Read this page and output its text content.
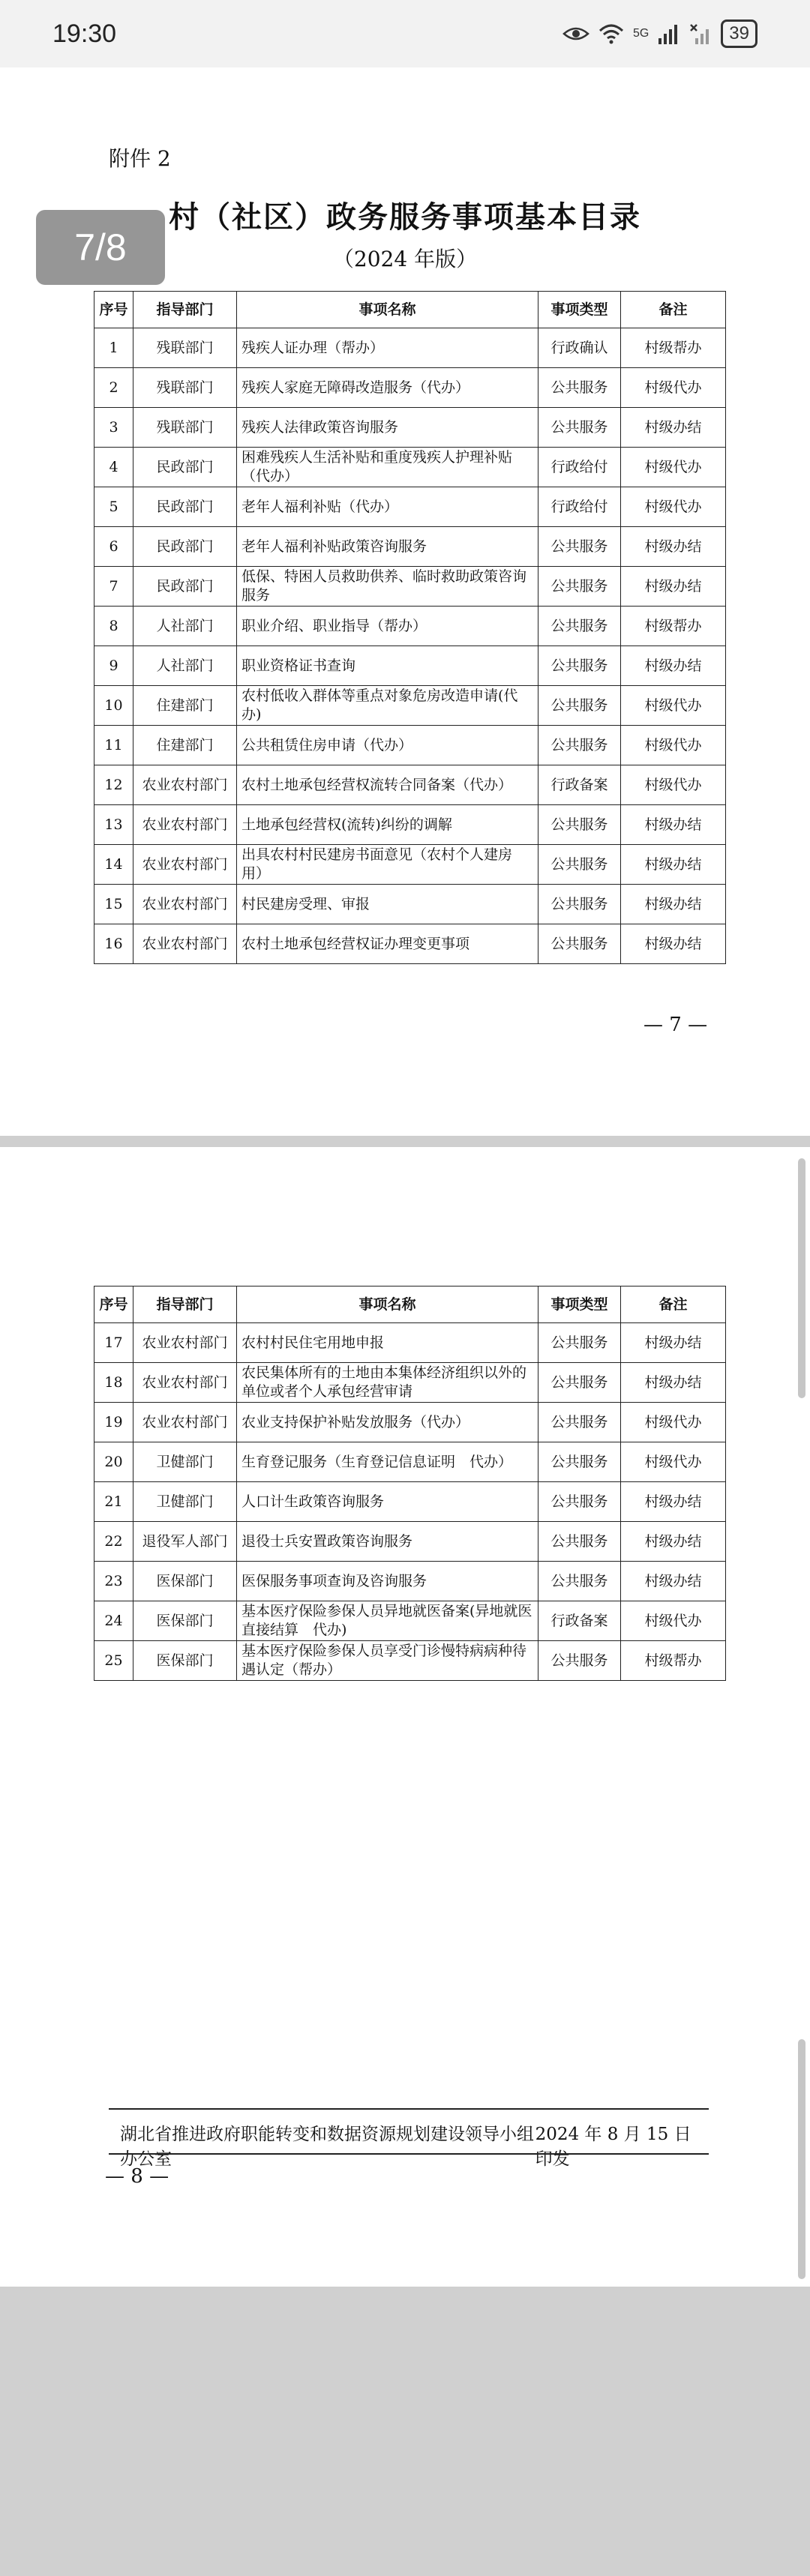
19:30	5G	39
附件 2
村（社区）政务服务事项基本目录
（2024 年版）
序号	指导部门	事项名称	事项类型	备注
1	残联部门	残疾人证办理（帮办）	行政确认	村级帮办
2	残联部门	残疾人家庭无障碍改造服务（代办）	公共服务	村级代办
3	残联部门	残疾人法律政策咨询服务	公共服务	村级办结
4	民政部门	困难残疾人生活补贴和重度残疾人护理补贴（代办）	行政给付	村级代办
5	民政部门	老年人福利补贴（代办）	行政给付	村级代办
6	民政部门	老年人福利补贴政策咨询服务	公共服务	村级办结
7	民政部门	低保、特困人员救助供养、临时救助政策咨询服务	公共服务	村级办结
8	人社部门	职业介绍、职业指导（帮办）	公共服务	村级帮办
9	人社部门	职业资格证书查询	公共服务	村级办结
10	住建部门	农村低收入群体等重点对象危房改造申请(代办)	公共服务	村级代办
11	住建部门	公共租赁住房申请（代办）	公共服务	村级代办
12	农业农村部门	农村土地承包经营权流转合同备案（代办）	行政备案	村级代办
13	农业农村部门	土地承包经营权(流转)纠纷的调解	公共服务	村级办结
14	农业农村部门	出具农村村民建房书面意见（农村个人建房用）	公共服务	村级办结
15	农业农村部门	村民建房受理、审报	公共服务	村级办结
16	农业农村部门	农村土地承包经营权证办理变更事项	公共服务	村级办结
— 7 —
序号	指导部门	事项名称	事项类型	备注
17	农业农村部门	农村村民住宅用地申报	公共服务	村级办结
18	农业农村部门	农民集体所有的土地由本集体经济组织以外的单位或者个人承包经营审请	公共服务	村级办结
19	农业农村部门	农业支持保护补贴发放服务（代办）	公共服务	村级代办
20	卫健部门	生育登记服务（生育登记信息证明　代办）	公共服务	村级代办
21	卫健部门	人口计生政策咨询服务	公共服务	村级办结
22	退役军人部门	退役士兵安置政策咨询服务	公共服务	村级办结
23	医保部门	医保服务事项查询及咨询服务	公共服务	村级办结
24	医保部门	基本医疗保险参保人员异地就医备案(异地就医直接结算　代办)	行政备案	村级代办
25	医保部门	基本医疗保险参保人员享受门诊慢特病病种待遇认定（帮办）	公共服务	村级帮办
湖北省推进政府职能转变和数据资源规划建设领导小组办公室
2024 年 8 月 15 日印发
— 8 —
7/8
